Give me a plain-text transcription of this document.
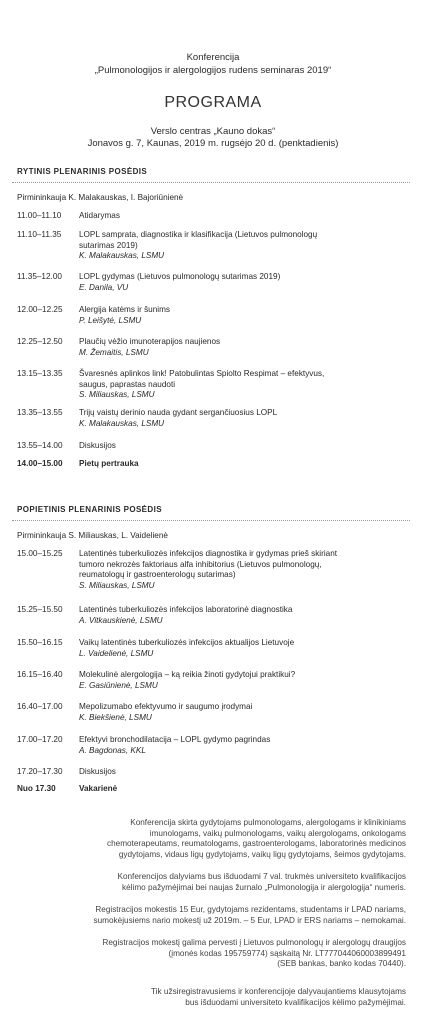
Konferencija
„Pulmonologijos ir alergologijos rudens seminaras 2019“
PROGRAMA
Verslo centras „Kauno dokas“
Jonavos g. 7, Kaunas, 2019 m. rugsėjo 20 d. (penktadienis)
RYTINIS PLENARINIS POSĖDIS
Pirmininkauja K. Malakauskas, I. Bajoriūnienė
11.00–11.10	Atidarymas
11.10–11.35	LOPL samprata, diagnostika ir klasifikacija (Lietuvos pulmonologų
sutarimas 2019)
K. Malakauskas, LSMU
11.35–12.00	LOPL gydymas (Lietuvos pulmonologų sutarimas 2019)
E. Danila, VU
12.00–12.25	Alergija katėms ir šunims
P. Leišytė, LSMU
12.25–12.50	Plaučių vėžio imunoterapijos naujienos
M. Žemaitis, LSMU
13.15–13.35	Švaresnės aplinkos link! Patobulintas Spiolto Respimat – efektyvus,
saugus, paprastas naudoti
S. Miliauskas, LSMU
13.35–13.55	Trijų vaistų derinio nauda gydant sergančiuosius LOPL
K. Malakauskas, LSMU
13.55–14.00	Diskusijos
14.00–15.00	Pietų pertrauka
POPIETINIS PLENARINIS POSĖDIS
Pirmininkauja S. Miliauskas, L. Vaidelienė
15.00–15.25	Latentinės tuberkuliozės infekcijos diagnostika ir gydymas prieš skiriant
tumoro nekrozės faktoriaus alfa inhibitorius (Lietuvos pulmonologų,
reumatologų ir gastroenterologų sutarimas)
S. Miliauskas, LSMU
15.25–15.50	Latentinės tuberkuliozės infekcijos laboratorinė diagnostika
A. Vitkauskienė, LSMU
15.50–16.15	Vaikų latentinės tuberkuliozės infekcijos aktualijos Lietuvoje
L. Vaidelienė, LSMU
16.15–16.40	Molekulinė alergologija – ką reikia žinoti gydytojui praktikui?
E. Gasiūnienė, LSMU
16.40–17.00	Mepolizumabo efektyvumo ir saugumo įrodymai
K. Biekšienė, LSMU
17.00–17.20	Efektyvi bronchodilatacija – LOPL gydymo pagrindas
A. Bagdonas, KKL
17.20–17.30	Diskusijos
Nuo 17.30	Vakarienė
Konferencija skirta gydytojams pulmonologams, alergologams ir klinikiniams
imunologams, vaikų pulmonologams, vaikų alergologams, onkologams
chemoterapeutams, reumatologams, gastroenterologams, laboratorinės medicinos
gydytojams, vidaus ligų gydytojams, vaikų ligų gydytojams, šeimos gydytojams.
Konferencijos dalyviams bus išduodami 7 val. trukmės universiteto kvalifikacijos
kėlimo pažymėjimai bei naujas žurnalo „Pulmonologija ir alergologija“ numeris.
Registracijos mokestis 15 Eur, gydytojams rezidentams, studentams ir LPAD nariams,
sumokėjusiems nario mokestį už 2019m. – 5 Eur, LPAD ir ERS nariams – nemokamai.
Registracijos mokestį galima pervesti į Lietuvos pulmonologų ir alergologų draugijos
(įmonės kodas 195759774) sąskaitą Nr. LT777044060003899491
(SEB bankas, banko kodas 70440).
Tik užsiregistravusiems ir konferencijoje dalyvaujantiems klausytojams
bus išduodami universiteto kvalifikacijos kėlimo pažymėjimai.
